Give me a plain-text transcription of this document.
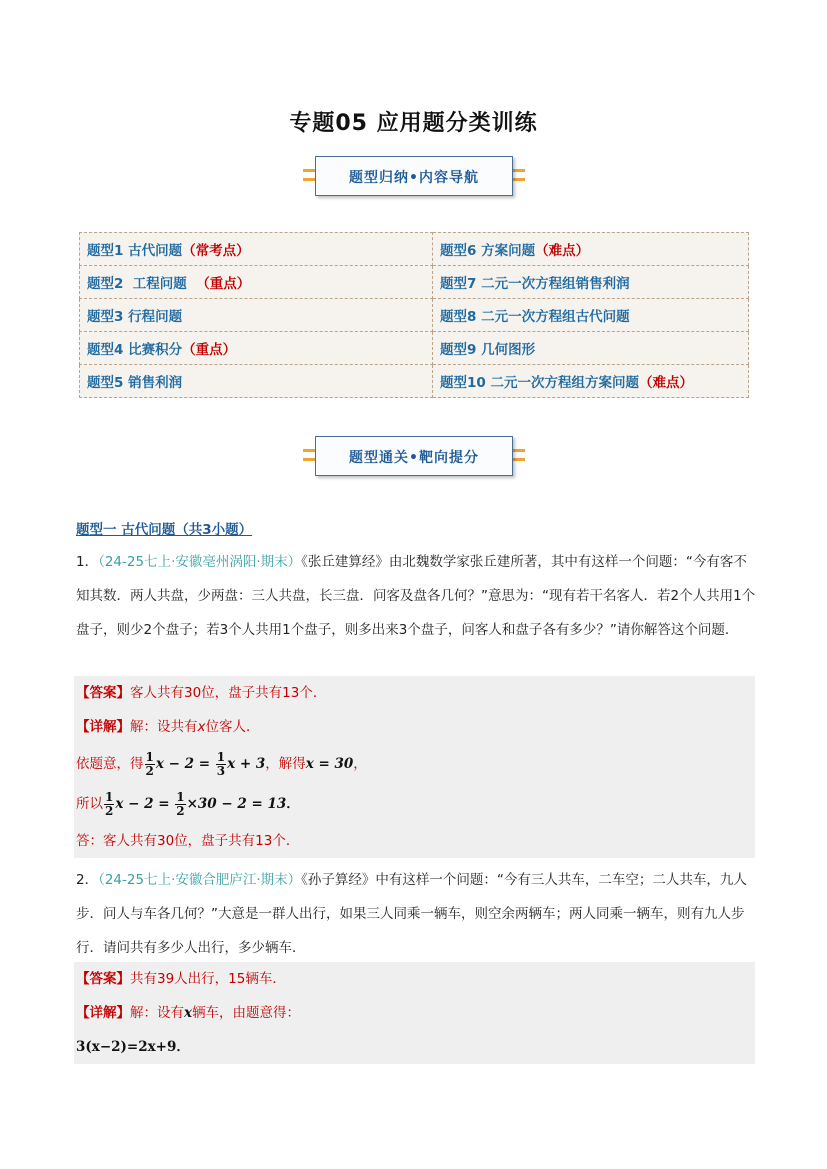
专题05 应用题分类训练
题型归纳•内容导航
题型1 古代问题（常考点）	题型6 方案问题（难点）
题型2  工程问题  （重点）	题型7 二元一次方程组销售利润
题型3 行程问题	题型8 二元一次方程组古代问题
题型4 比赛积分（重点）	题型9 几何图形
题型5 销售利润	题型10 二元一次方程组方案问题（难点）
题型通关•靶向提分
题型一 古代问题（共3小题）
1．（24-25七上·安徽亳州涡阳·期末）《张丘建算经》由北魏数学家张丘建所著，其中有这样一个问题：“今有客不知其数．两人共盘，少两盘：三人共盘，长三盘．问客及盘各几何？”意思为：“现有若干名客人．若2个人共用1个盘子，则少2个盘子；若3个人共用1个盘子，则多出来3个盘子，问客人和盘子各有多少？”请你解答这个问题．
【答案】客人共有30位，盘子共有13个．
【详解】解：设共有x位客人．
依题意，得 $\frac{1}{2}$ $x - 2 = \frac{1}{3}$ x + 3，解得x = 30，
所以 $\frac{1}{2}$ $x - 2 = \frac{1}{2} \times 30 - 2 = 13$．
答：客人共有30位，盘子共有13个．
2．（24-25七上·安徽合肥庐江·期末）《孙子算经》中有这样一个问题：“今有三人共车，二车空；二人共车，九人步．问人与车各几何？”大意是一群人出行，如果三人同乘一辆车，则空余两辆车；两人同乘一辆车，则有九人步行．请问共有多少人出行，多少辆车．
【答案】共有39人出行，15辆车．
【详解】解：设有x辆车，由题意得：
3(x−2)=2x+9．
